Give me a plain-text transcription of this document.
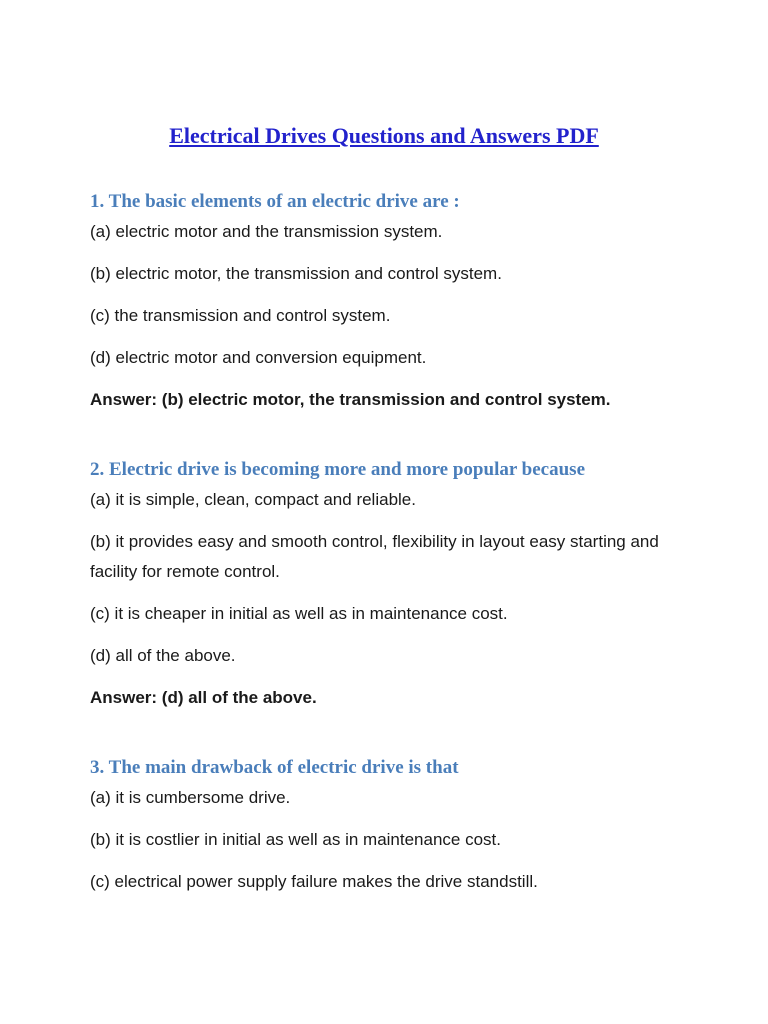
Electrical Drives Questions and Answers PDF
1. The basic elements of an electric drive are :

(a) electric motor and the transmission system.

(b) electric motor, the transmission and control system.

(c) the transmission and control system.

(d) electric motor and conversion equipment.

Answer: (b) electric motor, the transmission and control system.

2. Electric drive is becoming more and more popular because

(a) it is simple, clean, compact and reliable.

(b) it provides easy and smooth control, flexibility in layout easy starting and facility for remote control.

(c) it is cheaper in initial as well as in maintenance cost.

(d) all of the above.

Answer: (d) all of the above.

3. The main drawback of electric drive is that

(a) it is cumbersome drive.

(b) it is costlier in initial as well as in maintenance cost.

(c) electrical power supply failure makes the drive standstill.
